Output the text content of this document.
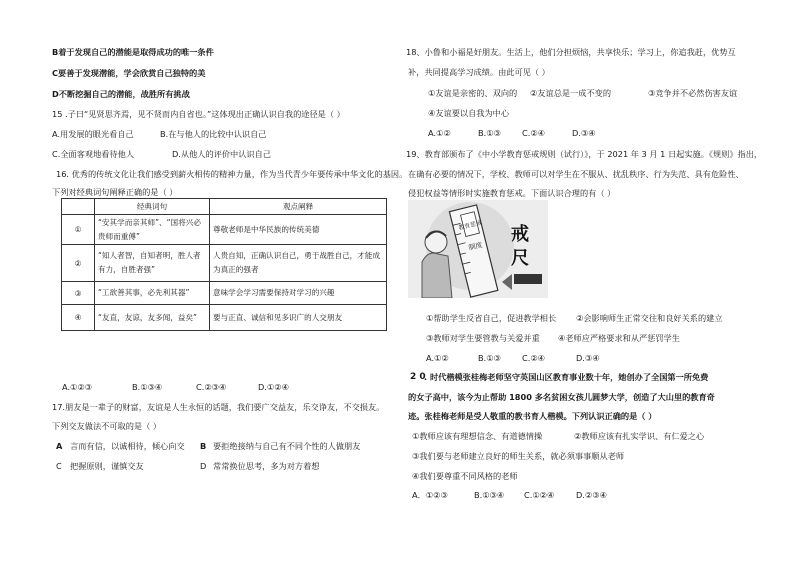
B着于发现自己的潜能是取得成功的唯一条件
C要善于发现潜能，学会欣赏自己独特的美
D不断挖掘自己的潜能，战胜所有挑战
15 .子曰“见贤思齐焉，见不贤而内自省也。”这体现出正确认识自我的途径是（ ）
A.用发展的眼光看自己	B.在与他人的比较中认识自己
C.全面客观地看待他人	D.从他人的评价中认识自己
16. 优秀的传统文化让我们感受到薪火相传的精神力量，作为当代青少年要传承中华文化的基因。
下列对经典词句阐释正确的是（ ）
	经典词句	观点阐释
①	“安其学而亲其师”、“国将兴必贵师而重傅”	尊敬老师是中华民族的传统美德
②	“知人者智，自知者明，胜人者有力，自胜者强”	人贵自知，正确认识自己，勇于战胜自己，才能成为真正的强者
③	“工欲善其事，必先利其器”	意味学会学习需要保持对学习的兴趣
④	“友直，友谅，友多闻，益矣”	要与正直、诚信和见多识广的人交朋友
A.①②③	B.①③④	C.②③④	D.①②④
17.朋友是一辈子的财富，友谊是人生永恒的话题，我们要广交益友，乐交诤友，不交损友。
下列交友做法不可取的是（ ）
A 言而有信，以诚相待，倾心向交 B 要拒绝接纳与自己有不同个性的人做朋友
C 把握原则，谨慎交友	D 常常换位思考，多为对方着想
18、小鲁和小福是好朋友。生活上，他们分担烦恼，共享快乐；学习上，你追我赶，优势互
补，共同提高学习成绩。由此可见（ ）
①友谊是亲密的、双向的 ②友谊总是一成不变的	③竞争并不必然伤害友谊
④友谊要以自我为中心
A.①②	B.①③	C.②④	D.③④
19、教育部颁布了《中小学教育惩戒规则（试行）》，于 2021 年 3 月 1 日起实施。《规则》指出，
在确有必要的情况下，学校、教师可以对学生在不服从、扰乱秩序、行为失范、具有危险性、
侵犯权益等情形时实施教育惩戒。下面认识合理的有（ ）
①帮助学生反省自己，促进教学相长 ②会影响师生正常交往和良好关系的建立
③教师对学生要管教与关爱并重 ④老师应严格要求和从严惩罚学生
A.①②	B.①③	C.②④	D.③④
2 0
. 时代楷模张桂梅老师坚守英国山区教育事业数十年，她创办了全国第一所免费
的女子高中，该今为止帮助 1800 多名贫困女孩儿圆梦大学，创造了大山里的教育奇
迹。张桂梅老师是受人敬重的教书育人楷模。下列认识正确的是（ ）
①教师应该有理想信念、有道德情操	②教师应该有扎实学识、有仁爱之心
③我们要与老师建立良好的师生关系，就必须事事顺从老师
④我们要尊重不同风格的老师
A．①②③	B.①③④ C.①②④	D.②③④
教育惩戒
制度
戒
尺
